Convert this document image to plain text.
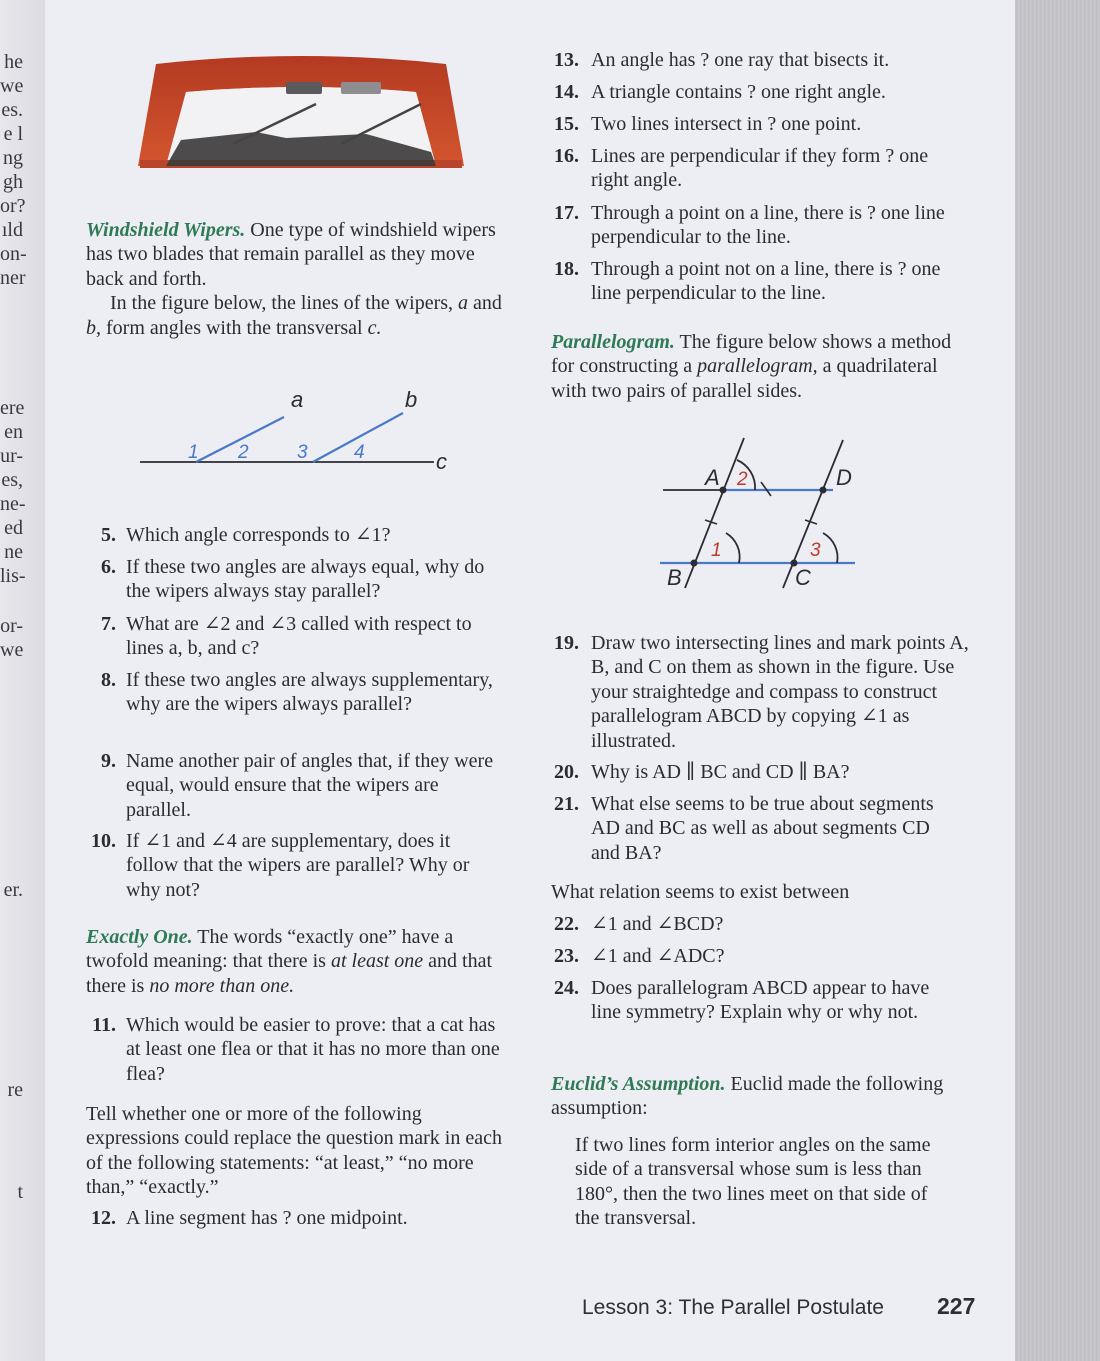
he
we
es.
e l
ng
gh
or?
ıld
on-
ner
ere
en
ur-
es,
ne-
ed
ne
lis-
or-
we
er.
re
t

Windshield Wipers. One type of windshield wipers has two blades that remain parallel as they move back and forth.

In the figure below, the lines of the wipers, a and b, form angles with the transversal c.

a	b
c
1 2	3 4
5. Which angle corresponds to ∠1?
6. If these two angles are always equal, why do the wipers always stay parallel?
7. What are ∠2 and ∠3 called with respect to lines a, b, and c?
8. If these two angles are always supplementary, why are the wipers always parallel?
9. Name another pair of angles that, if they were equal, would ensure that the wipers are parallel.
10. If ∠1 and ∠4 are supplementary, does it follow that the wipers are parallel? Why or why not?

Exactly One. The words “exactly one” have a twofold meaning: that there is at least one and that there is no more than one.

11. Which would be easier to prove: that a cat has at least one flea or that it has no more than one flea?

Tell whether one or more of the following expressions could replace the question mark in each of the following statements: “at least,” “no more than,” “exactly.”

12. A line segment has ? one midpoint.
13. An angle has ? one ray that bisects it.
14. A triangle contains ? one right angle.
15. Two lines intersect in ? one point.
16. Lines are perpendicular if they form ? one right angle.
17. Through a point on a line, there is ? one line perpendicular to the line.
18. Through a point not on a line, there is ? one line perpendicular to the line.

Parallelogram. The figure below shows a method for constructing a parallelogram, a quadrilateral with two pairs of parallel sides.

A
B	C
D
1
2
3
19. Draw two intersecting lines and mark points A, B, and C on them as shown in the figure. Use your straightedge and compass to construct parallelogram ABCD by copying ∠1 as illustrated.
20. Why is AD ∥ BC and CD ∥ BA?
21. What else seems to be true about segments AD and BC as well as about segments CD and BA?

What relation seems to exist between

22. ∠1 and ∠BCD?
23. ∠1 and ∠ADC?
24. Does parallelogram ABCD appear to have line symmetry? Explain why or why not.

Euclid’s Assumption. Euclid made the following assumption:

If two lines form interior angles on the same side of a transversal whose sum is less than 180°, then the two lines meet on that side of the transversal.

Lesson 3: The Parallel Postulate 227
